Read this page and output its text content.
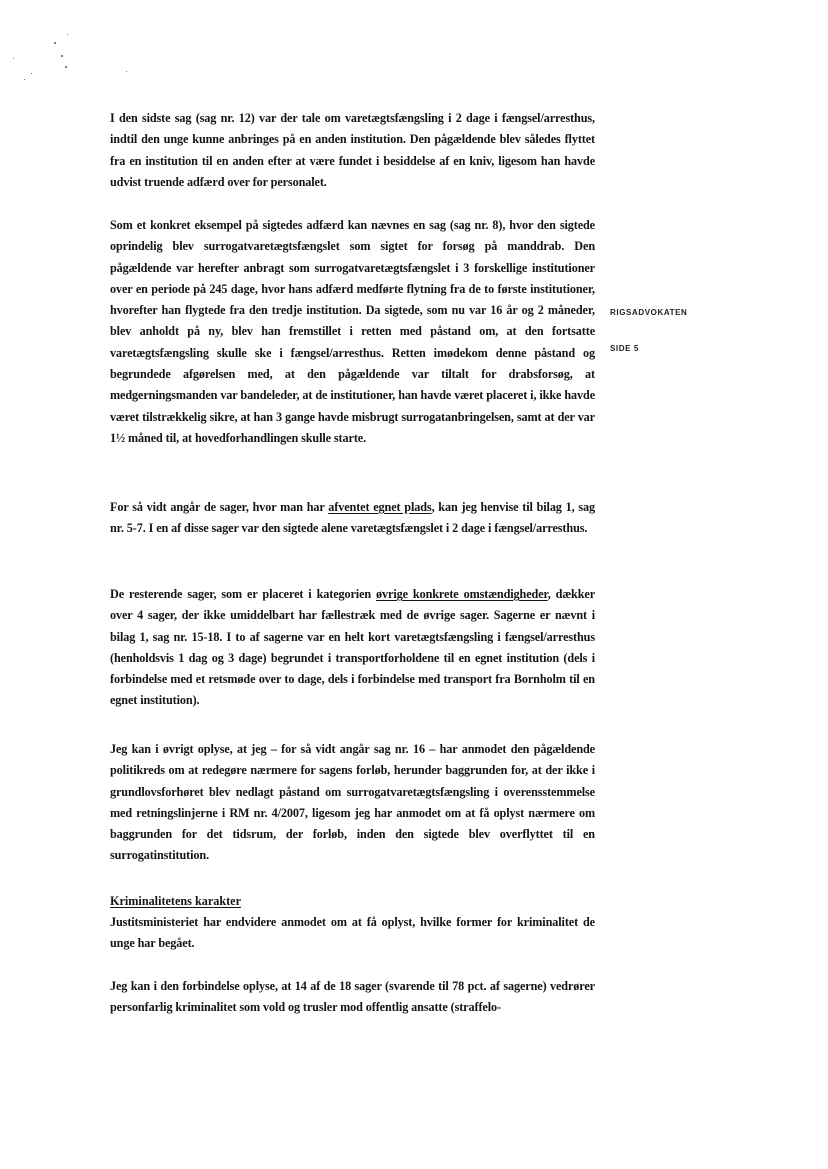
RIGSADVOKATEN
SIDE 5

I den sidste sag (sag nr. 12) var der tale om varetægtsfængsling i 2 dage i fængsel/arresthus, indtil den unge kunne anbringes på en anden institution. Den pågældende blev således flyttet fra en institution til en anden efter at være fundet i besiddelse af en kniv, ligesom han havde udvist truende adfærd over for personalet.

Som et konkret eksempel på sigtedes adfærd kan nævnes en sag (sag nr. 8), hvor den sigtede oprindelig blev surrogatvaretægtsfængslet som sigtet for forsøg på manddrab. Den pågældende var herefter anbragt som surrogatvaretægtsfængslet i 3 forskellige institutioner over en periode på 245 dage, hvor hans adfærd medførte flytning fra de to første institutioner, hvorefter han flygtede fra den tredje institution. Da sigtede, som nu var 16 år og 2 måneder, blev anholdt på ny, blev han fremstillet i retten med påstand om, at den fortsatte varetægtsfængsling skulle ske i fængsel/arresthus. Retten imødekom denne påstand og begrundede afgørelsen med, at den pågældende var tiltalt for drabsforsøg, at medgerningsmanden var bandeleder, at de institutioner, han havde været placeret i, ikke havde været tilstrækkelig sikre, at han 3 gange havde misbrugt surrogatanbringelsen, samt at der var 1½ måned til, at hovedforhandlingen skulle starte.

For så vidt angår de sager, hvor man har afventet egnet plads, kan jeg henvise til bilag 1, sag nr. 5-7. I en af disse sager var den sigtede alene varetægtsfængslet i 2 dage i fængsel/arresthus.

De resterende sager, som er placeret i kategorien øvrige konkrete omstændigheder, dækker over 4 sager, der ikke umiddelbart har fællestræk med de øvrige sager. Sagerne er nævnt i bilag 1, sag nr. 15-18. I to af sagerne var en helt kort varetægtsfængsling i fængsel/arresthus (henholdsvis 1 dag og 3 dage) begrundet i transportforholdene til en egnet institution (dels i forbindelse med et retsmøde over to dage, dels i forbindelse med transport fra Bornholm til en egnet institution).

Jeg kan i øvrigt oplyse, at jeg – for så vidt angår sag nr. 16 – har anmodet den pågældende politikreds om at redegøre nærmere for sagens forløb, herunder baggrunden for, at der ikke i grundlovsforhøret blev nedlagt påstand om surrogatvaretægtsfængsling i overensstemmelse med retningslinjerne i RM nr. 4/2007, ligesom jeg har anmodet om at få oplyst nærmere om baggrunden for det tidsrum, der forløb, inden den sigtede blev overflyttet til en surrogatinstitution.

Kriminalitetens karakter

Justitsministeriet har endvidere anmodet om at få oplyst, hvilke former for kriminalitet de unge har begået.

Jeg kan i den forbindelse oplyse, at 14 af de 18 sager (svarende til 78 pct. af sagerne) vedrører personfarlig kriminalitet som vold og trusler mod offentlig ansatte (straffelo-
